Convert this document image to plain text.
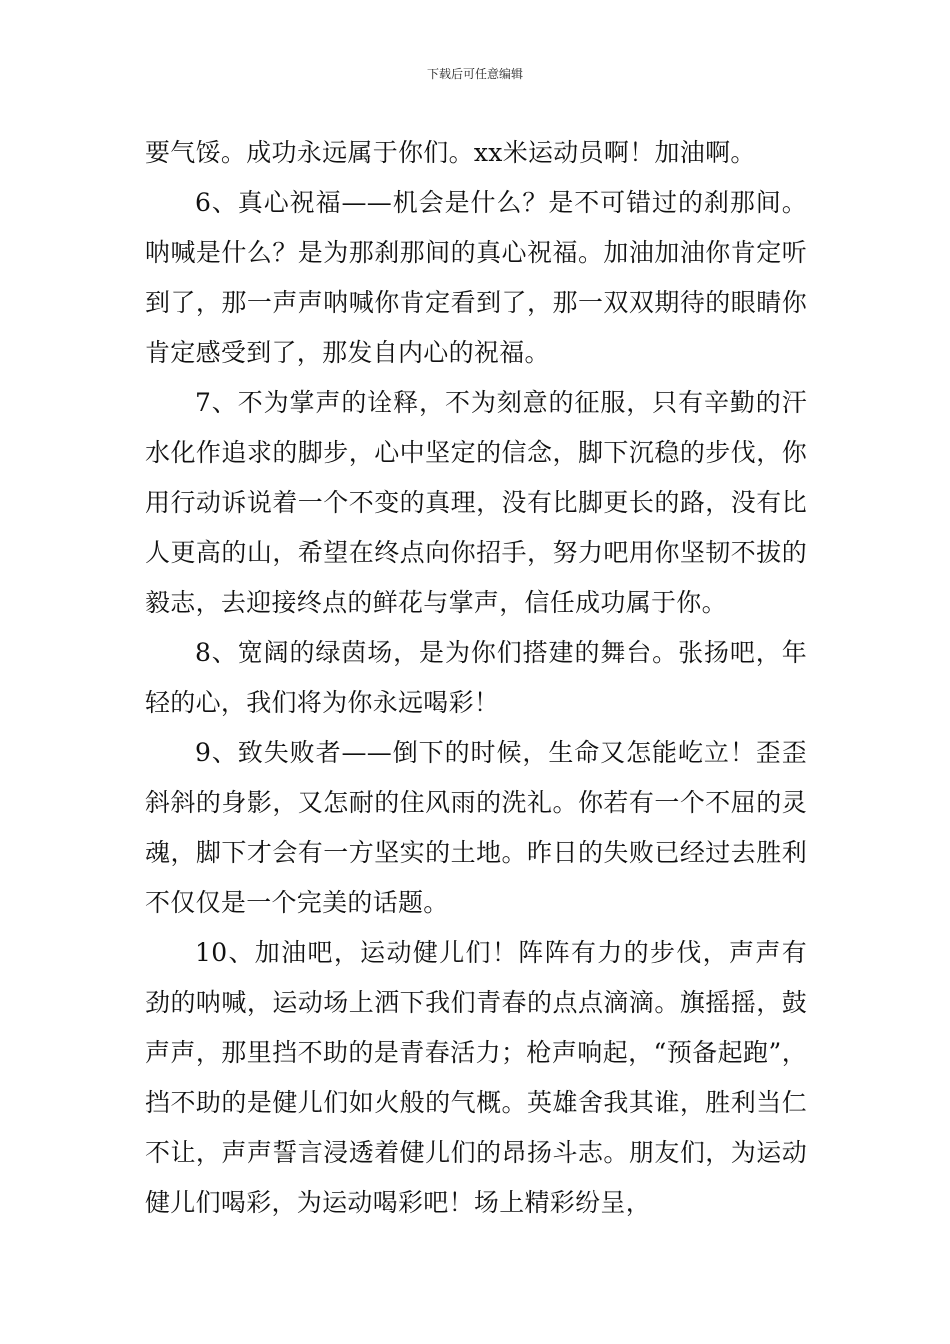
下载后可任意编辑

要气馁。成功永远属于你们。xx米运动员啊！加油啊。

6、真心祝福——机会是什么？是不可错过的刹那间。呐喊是什么？是为那刹那间的真心祝福。加油加油你肯定听到了，那一声声呐喊你肯定看到了，那一双双期待的眼睛你肯定感受到了，那发自内心的祝福。

7、不为掌声的诠释，不为刻意的征服，只有辛勤的汗水化作追求的脚步，心中坚定的信念，脚下沉稳的步伐，你用行动诉说着一个不变的真理，没有比脚更长的路，没有比人更高的山，希望在终点向你招手，努力吧用你坚韧不拔的毅志，去迎接终点的鲜花与掌声，信任成功属于你。

8、宽阔的绿茵场，是为你们搭建的舞台。张扬吧，年轻的心，我们将为你永远喝彩！

9、致失败者——倒下的时候，生命又怎能屹立！歪歪斜斜的身影，又怎耐的住风雨的洗礼。你若有一个不屈的灵魂，脚下才会有一方坚实的土地。昨日的失败已经过去胜利不仅仅是一个完美的话题。

10、加油吧，运动健儿们！阵阵有力的步伐，声声有劲的呐喊，运动场上洒下我们青春的点点滴滴。旗摇摇，鼓声声，那里挡不助的是青春活力；枪声响起，“预备起跑”，挡不助的是健儿们如火般的气概。英雄舍我其谁，胜利当仁不让，声声誓言浸透着健儿们的昂扬斗志。朋友们，为运动健儿们喝彩，为运动喝彩吧！场上精彩纷呈，
